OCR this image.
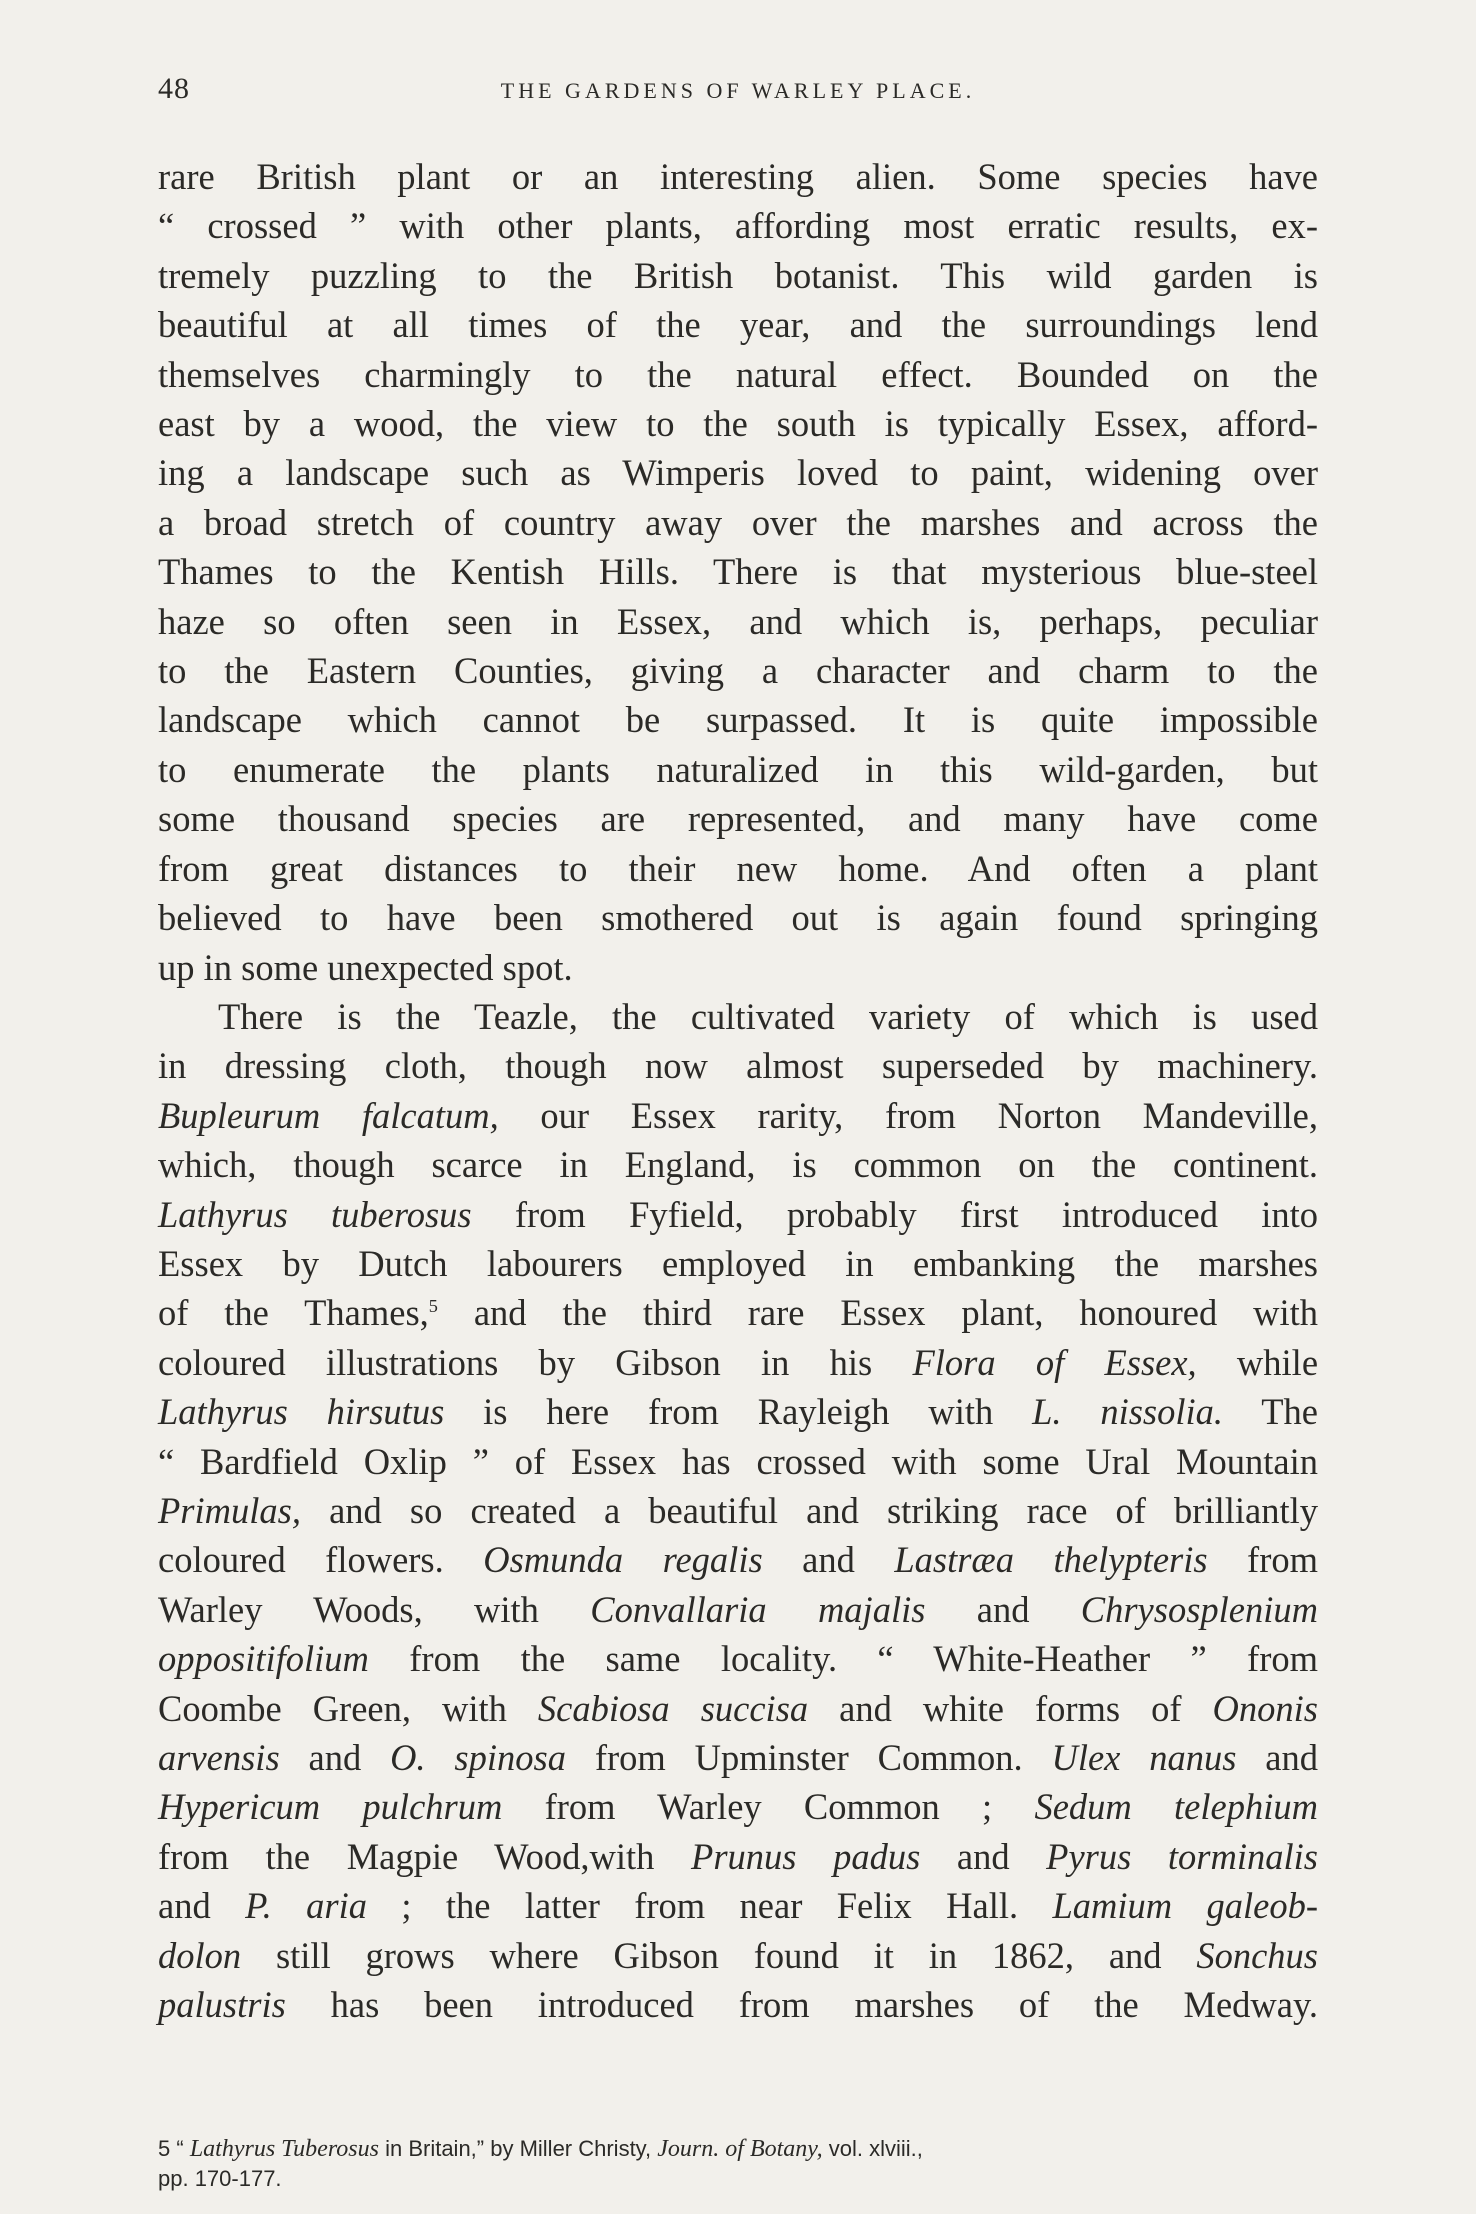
48	THE GARDENS OF WARLEY PLACE.
rare British plant or an interesting alien. Some species have
“ crossed ” with other plants, affording most erratic results, ex-
tremely puzzling to the British botanist. This wild garden is
beautiful at all times of the year, and the surroundings lend
themselves charmingly to the natural effect. Bounded on the
east by a wood, the view to the south is typically Essex, afford-
ing a landscape such as Wimperis loved to paint, widening over
a broad stretch of country away over the marshes and across the
Thames to the Kentish Hills. There is that mysterious blue-steel
haze so often seen in Essex, and which is, perhaps, peculiar
to the Eastern Counties, giving a character and charm to the
landscape which cannot be surpassed. It is quite impossible
to enumerate the plants naturalized in this wild-garden, but
some thousand species are represented, and many have come
from great distances to their new home. And often a plant
believed to have been smothered out is again found springing
up in some unexpected spot.
There is the Teazle, the cultivated variety of which is used
in dressing cloth, though now almost superseded by machinery.
Bupleurum falcatum, our Essex rarity, from Norton Mandeville,
which, though scarce in England, is common on the continent.
Lathyrus tuberosus from Fyfield, probably first introduced into
Essex by Dutch labourers employed in embanking the marshes
of the Thames,$^5$ and the third rare Essex plant, honoured with
coloured illustrations by Gibson in his Flora of Essex, while
Lathyrus hirsutus is here from Rayleigh with L. nissolia. The
“ Bardfield Oxlip ” of Essex has crossed with some Ural Mountain
Primulas, and so created a beautiful and striking race of brilliantly
coloured flowers. Osmunda regalis and Lastræa thelypteris from
Warley Woods, with Convallaria majalis and Chrysosplenium
oppositifolium from the same locality. “ White-Heather ” from
Coombe Green, with Scabiosa succisa and white forms of Ononis
arvensis and O. spinosa from Upminster Common. Ulex nanus and
Hypericum pulchrum from Warley Common ; Sedum telephium
from the Magpie Wood,with Prunus padus and Pyrus torminalis
and P. aria ; the latter from near Felix Hall. Lamium galeob-
dolon still grows where Gibson found it in 1862, and Sonchus
palustris has been introduced from marshes of the Medway.
5 “ Lathyrus Tuberosus in Britain,” by Miller Christy, Journ. of Botany, vol. xlviii.,
pp. 170-177.
